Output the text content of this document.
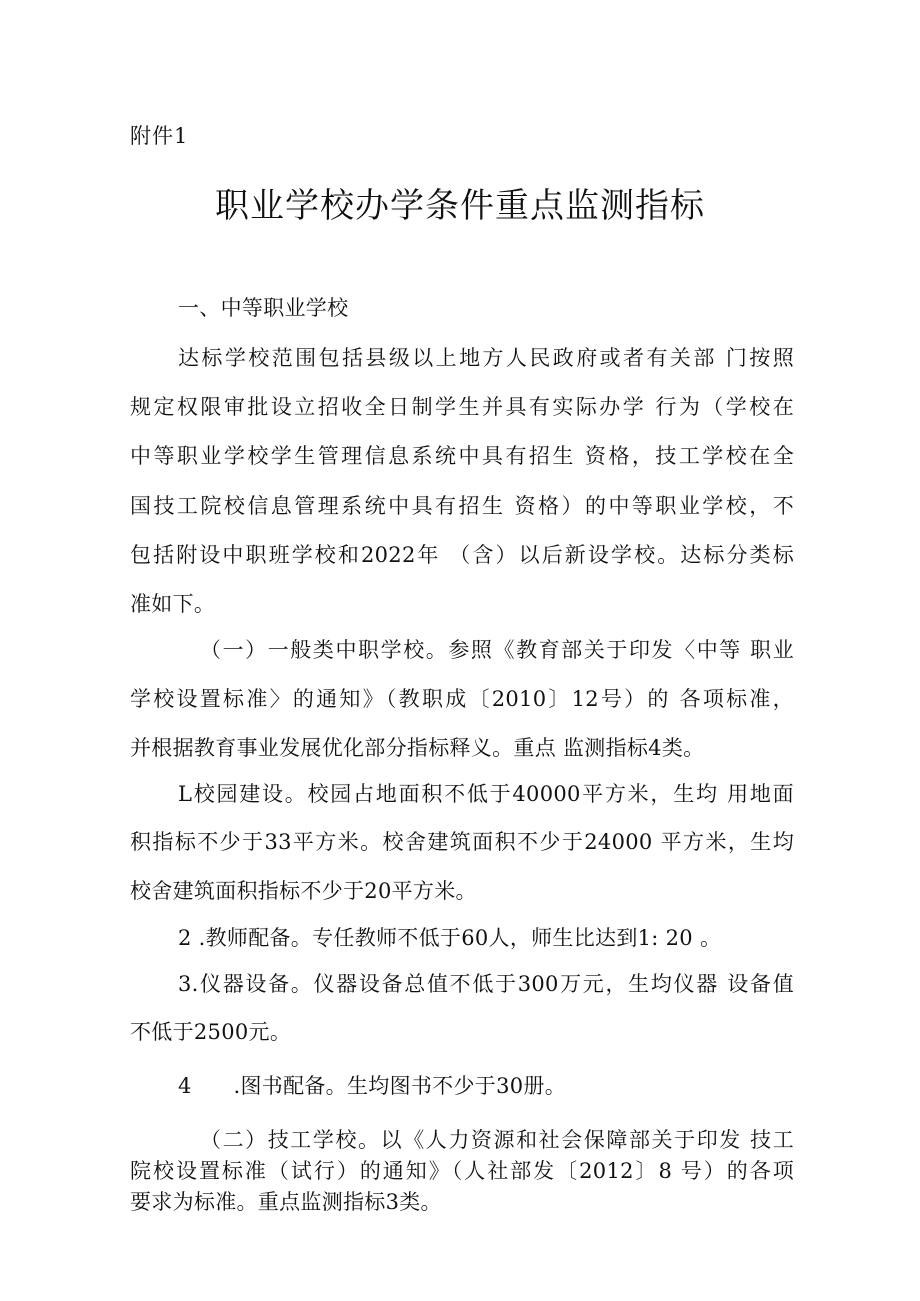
附件1
职业学校办学条件重点监测指标
一、中等职业学校
达标学校范围包括县级以上地方人民政府或者有关部 门按照
规定权限审批设立招收全日制学生并具有实际办学 行为（学校在
中等职业学校学生管理信息系统中具有招生 资格，技工学校在全
国技工院校信息管理系统中具有招生 资格）的中等职业学校，不
包括附设中职班学校和2022年 （含）以后新设学校。达标分类标
准如下。
（一）一般类中职学校。参照《教育部关于印发〈中等 职业
学校设置标准〉的通知》（教职成〔2010〕12号）的 各项标准，
并根据教育事业发展优化部分指标释义。重点 监测指标4类。
L校园建设。校园占地面积不低于40000平方米，生均 用地面
积指标不少于33平方米。校舍建筑面积不少于24000 平方米，生均
校舍建筑面积指标不少于20平方米。
2 .教师配备。专任教师不低于60人，师生比达到1: 20 。
3.仪器设备。仪器设备总值不低于300万元，生均仪器 设备值
不低于2500元。
4      .图书配备。生均图书不少于30册。
（二）技工学校。以《人力资源和社会保障部关于印发 技工
院校设置标准（试行）的通知》（人社部发〔2012〕8 号）的各项
要求为标准。重点监测指标3类。
